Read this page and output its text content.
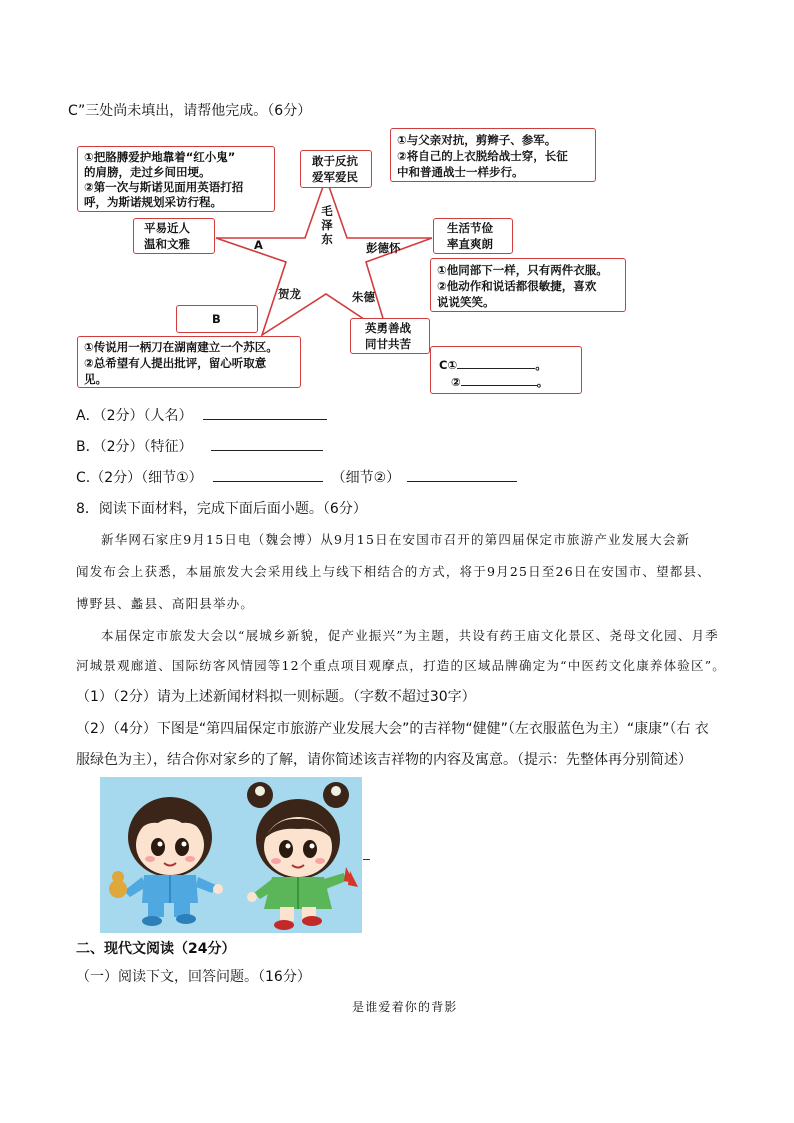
C”三处尚未填出，请帮他完成。（6分）
敢于反抗
爱军爱民
①与父亲对抗，剪辫子、参军。
②将自己的上衣脱给战士穿，长征
中和普通战士一样步行。
①把胳膊爱护地靠着“红小鬼”
的肩膀，走过乡间田埂。
②第一次与斯诺见面用英语打招
呼，为斯诺规划采访行程。
平易近人
温和文雅
生活节俭
率直爽朗
①他同部下一样，只有两件衣服。
②他动作和说话都很敏捷，喜欢
说说笑笑。
B
①传说用一柄刀在湖南建立一个苏区。
②总希望有人提出批评，留心听取意
见。
英勇善战
同甘共苦
C①	。
②	。
毛
泽
东
彭德怀
贺龙	朱德
A
A．（2分）（人名）
B．（2分）（特征）
C.（2分）（细节①）	（细节②）
8．阅读下面材料，完成下面后面小题。（6分）
新华网石家庄9月15日电（魏会博）从9月15日在安国市召开的第四届保定市旅游产业发展大会新
闻发布会上获悉，本届旅发大会采用线上与线下相结合的方式，将于9月25日至26日在安国市、望都县、
博野县、蠡县、高阳县举办。
本届保定市旅发大会以“展城乡新貌，促产业振兴”为主题，共设有药王庙文化景区、尧母文化园、月季
河城景观廊道、国际纺客风情园等12个重点项目观摩点，打造的区域品牌确定为“中医药文化康养体验区”。
（1）（2分）请为上述新闻材料拟一则标题。（字数不超过30字）
（2）（4分）下图是“第四届保定市旅游产业发展大会”的吉祥物“健健”（左衣服蓝色为主）“康康”（右 衣
服绿色为主），结合你对家乡的了解，请你简述该吉祥物的内容及寓意。（提示：先整体再分别简述）
二、现代文阅读（24分）
（一）阅读下文，回答问题。（16分）
是谁爱着你的背影
